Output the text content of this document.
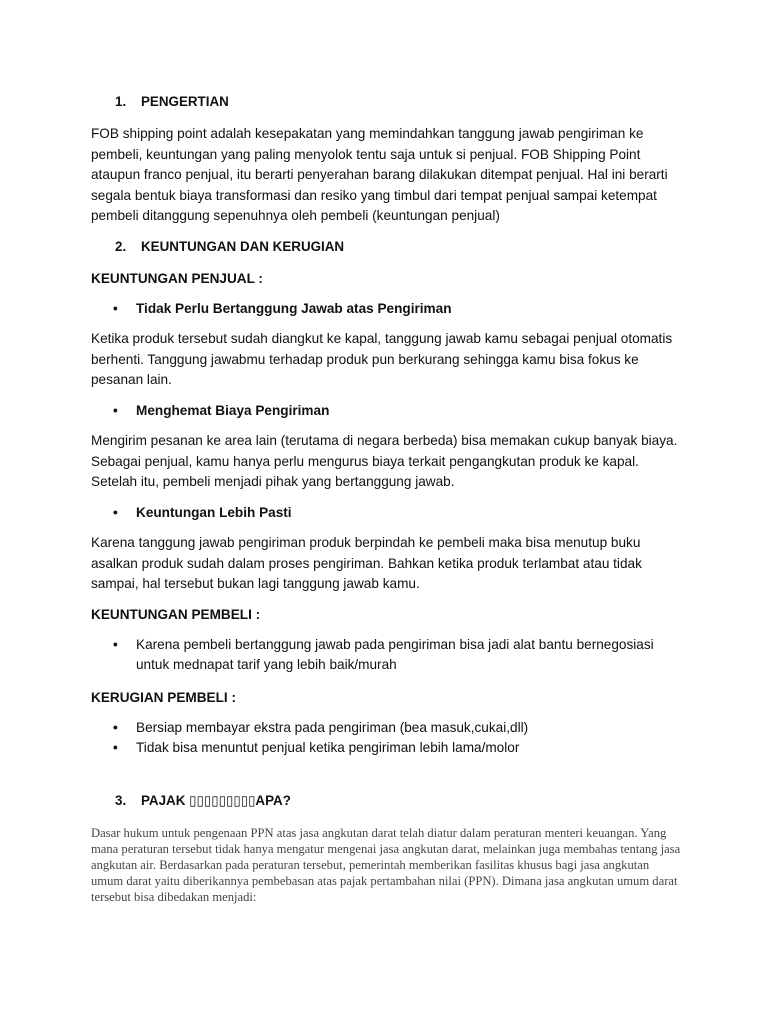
1. PENGERTIAN

FOB shipping point adalah kesepakatan yang memindahkan tanggung jawab pengiriman ke pembeli, keuntungan yang paling menyolok tentu saja untuk si penjual. FOB Shipping Point ataupun franco penjual, itu berarti penyerahan barang dilakukan ditempat penjual. Hal ini berarti segala bentuk biaya transformasi dan resiko yang timbul dari tempat penjual sampai ketempat pembeli ditanggung sepenuhnya oleh pembeli (keuntungan penjual)

2. KEUNTUNGAN DAN KERUGIAN
KEUNTUNGAN PENJUAL :
• Tidak Perlu Bertanggung Jawab atas Pengiriman

Ketika produk tersebut sudah diangkut ke kapal, tanggung jawab kamu sebagai penjual otomatis berhenti. Tanggung jawabmu terhadap produk pun berkurang sehingga kamu bisa fokus ke pesanan lain.

• Menghemat Biaya Pengiriman

Mengirim pesanan ke area lain (terutama di negara berbeda) bisa memakan cukup banyak biaya. Sebagai penjual, kamu hanya perlu mengurus biaya terkait pengangkutan produk ke kapal. Setelah itu, pembeli menjadi pihak yang bertanggung jawab.

• Keuntungan Lebih Pasti

Karena tanggung jawab pengiriman produk berpindah ke pembeli maka bisa menutup buku asalkan produk sudah dalam proses pengiriman. Bahkan ketika produk terlambat atau tidak sampai, hal tersebut bukan lagi tanggung jawab kamu.

KEUNTUNGAN PEMBELI :
• Karena pembeli bertanggung jawab pada pengiriman bisa jadi alat bantu bernegosiasi untuk mednapat tarif yang lebih baik/murah
KERUGIAN PEMBELI :
• Bersiap membayar ekstra pada pengiriman (bea masuk,cukai,dll)
• Tidak bisa menuntut penjual ketika pengiriman lebih lama/molor
3. PAJAK ▯▯▯▯▯▯▯▯▯APA?

Dasar hukum untuk pengenaan PPN atas jasa angkutan darat telah diatur dalam peraturan menteri keuangan. Yang mana peraturan tersebut tidak hanya mengatur mengenai jasa angkutan darat, melainkan juga membahas tentang jasa angkutan air. Berdasarkan pada peraturan tersebut, pemerintah memberikan fasilitas khusus bagi jasa angkutan umum darat yaitu diberikannya pembebasan atas pajak pertambahan nilai (PPN). Dimana jasa angkutan umum darat tersebut bisa dibedakan menjadi:
